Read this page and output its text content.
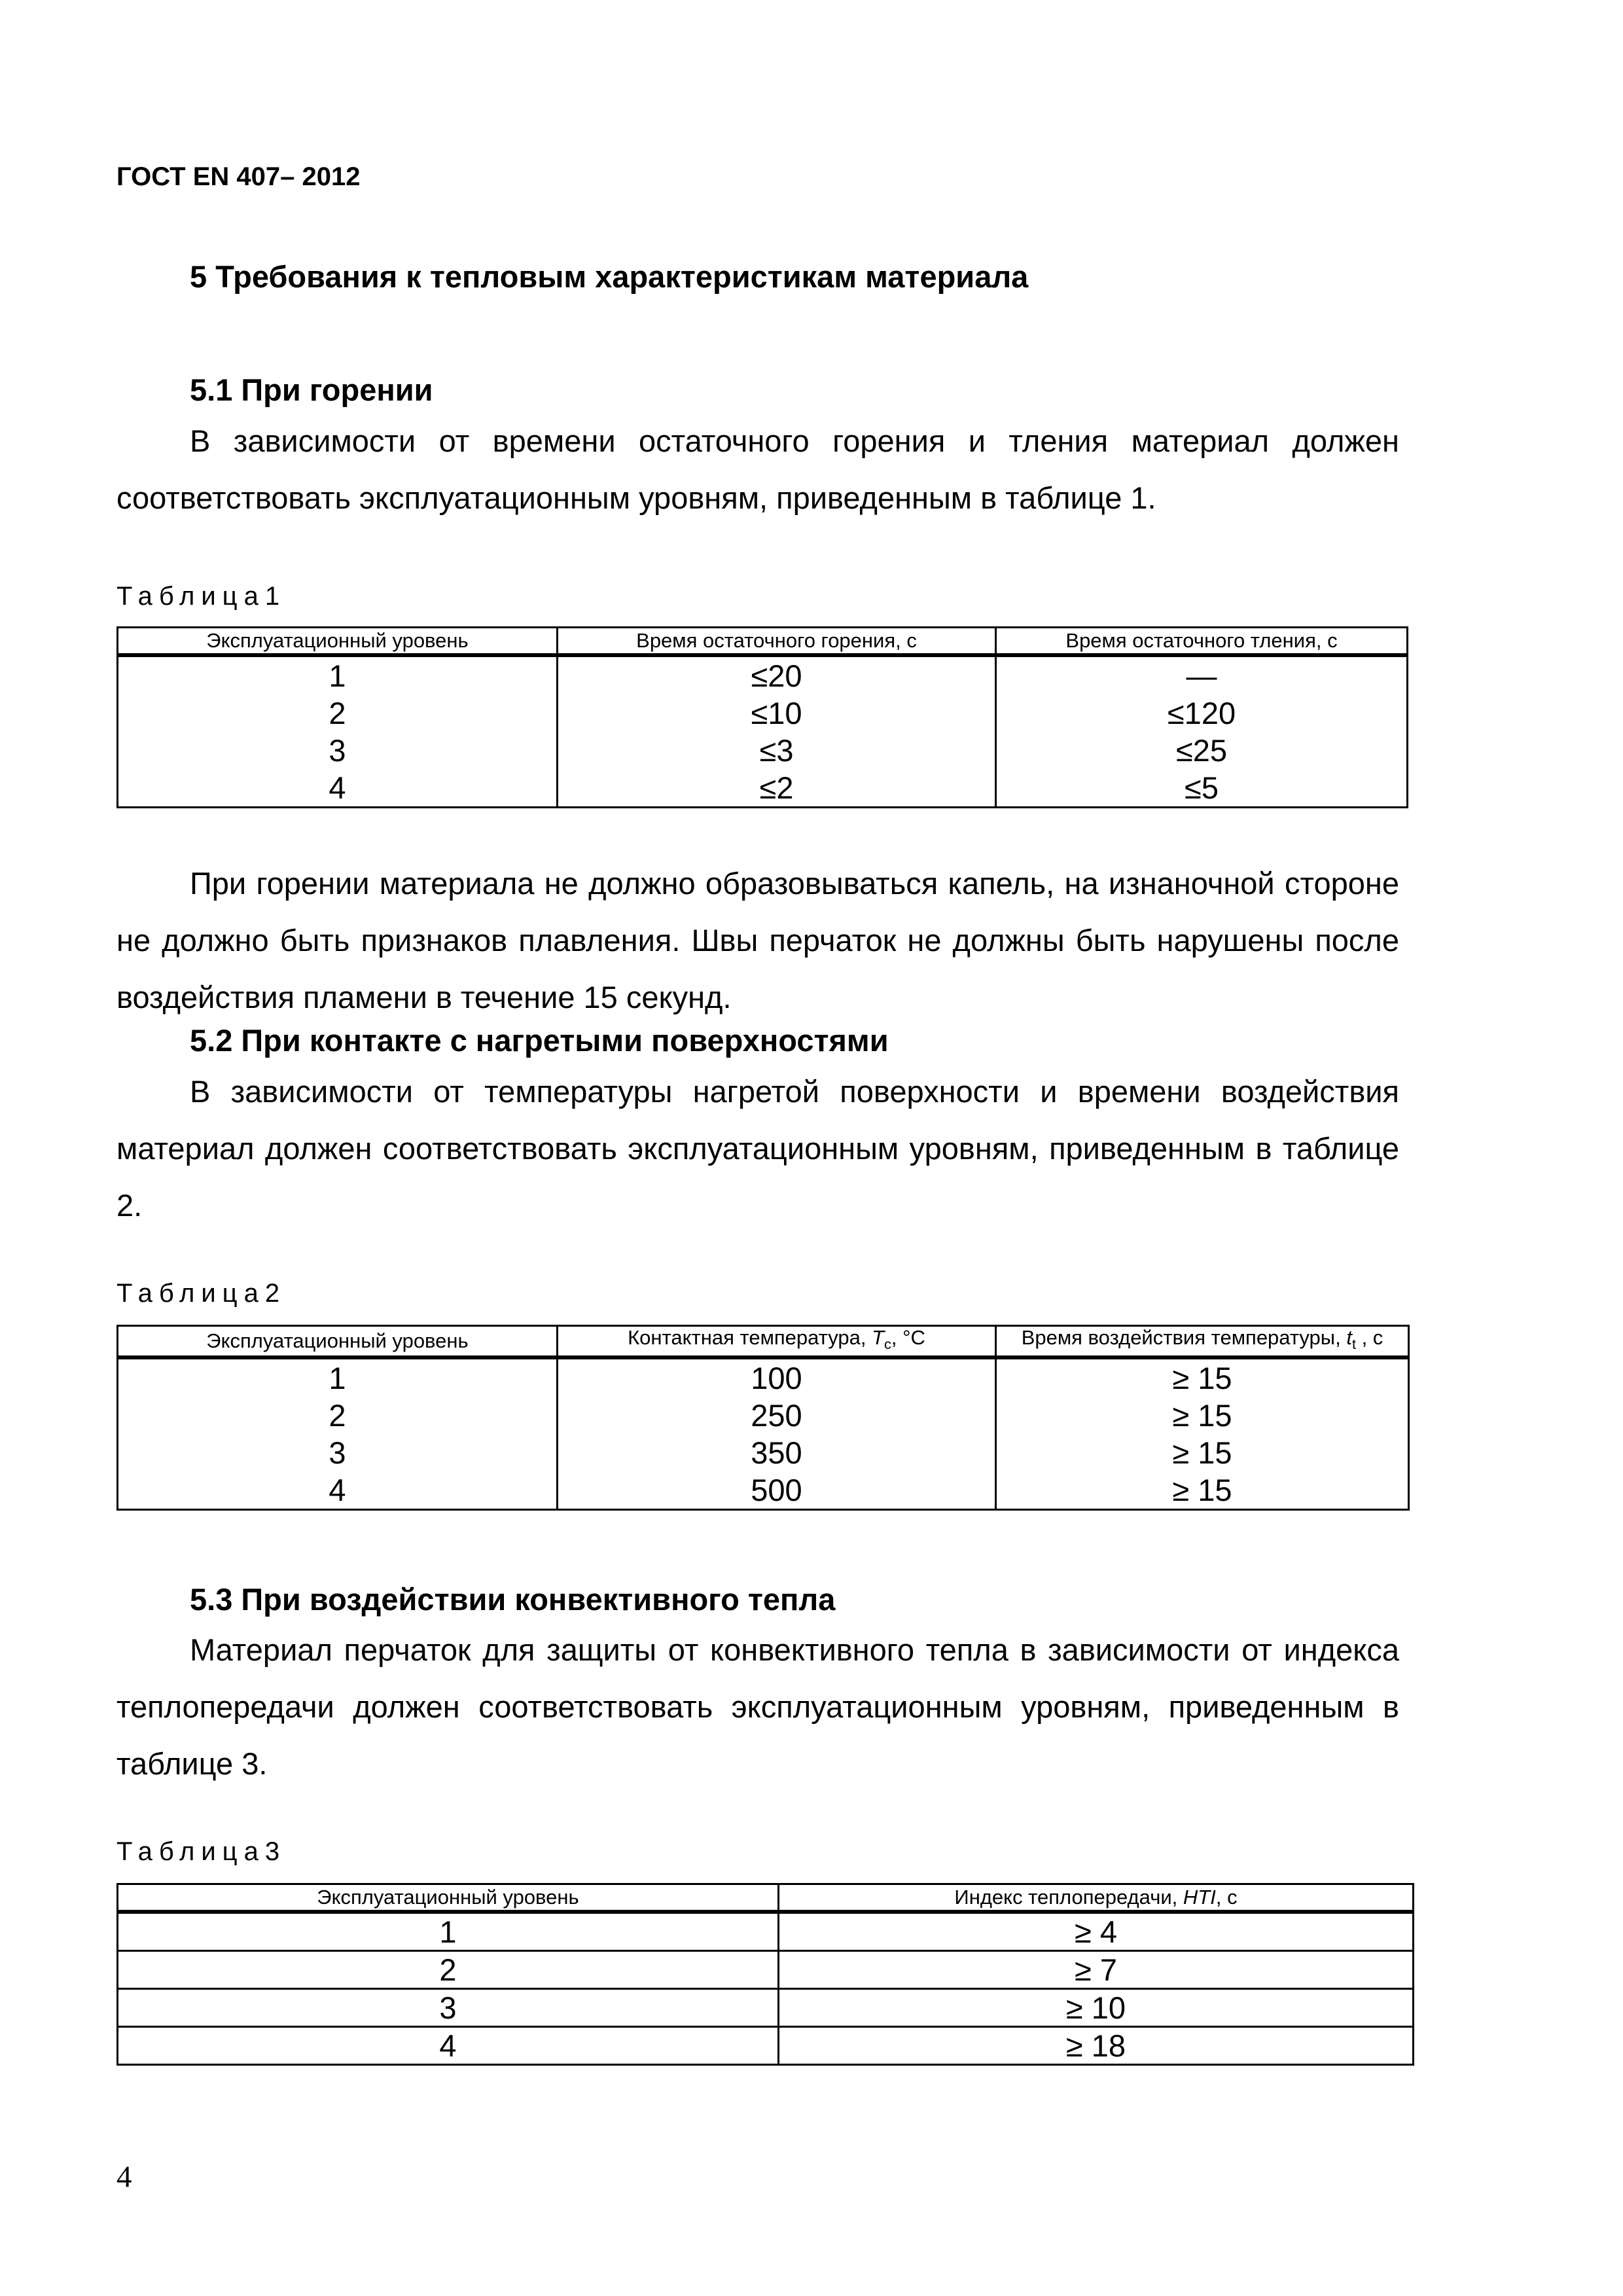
ГОСТ EN 407– 2012
5 Требования к тепловым характеристикам материала
5.1 При горении

В зависимости от времени остаточного горения и тления материал должен соответствовать эксплуатационным уровням, приведенным в таблице 1.

Таблица1
Эксплуатационный уровень	Время остаточного горения, с	Время остаточного тления, с
1	≤20	—
2	≤10	≤120
3	≤3	≤25
4	≤2	≤5

При горении материала не должно образовываться капель, на изнаночной стороне не должно быть признаков плавления. Швы перчаток не должны быть нарушены после воздействия пламени в течение 15 секунд.

5.2 При контакте с нагретыми поверхностями

В зависимости от температуры нагретой поверхности и времени воздействия материал должен соответствовать эксплуатационным уровням, приведенным в таблице 2.

Таблица2
Эксплуатационный уровень	Контактная температура, $T_c$, °С	Время воздействия температуры, $t_t$ , с
1	100	≥ 15
2	250	≥ 15
3	350	≥ 15
4	500	≥ 15
5.3 При воздействии конвективного тепла

Материал перчаток для защиты от конвективного тепла в зависимости от индекса теплопередачи должен соответствовать эксплуатационным уровням, приведенным в таблице 3.

Таблица3
Эксплуатационный уровень	Индекс теплопередачи, HTI, с
1	≥ 4
2	≥ 7
3	≥ 10
4	≥ 18
4
